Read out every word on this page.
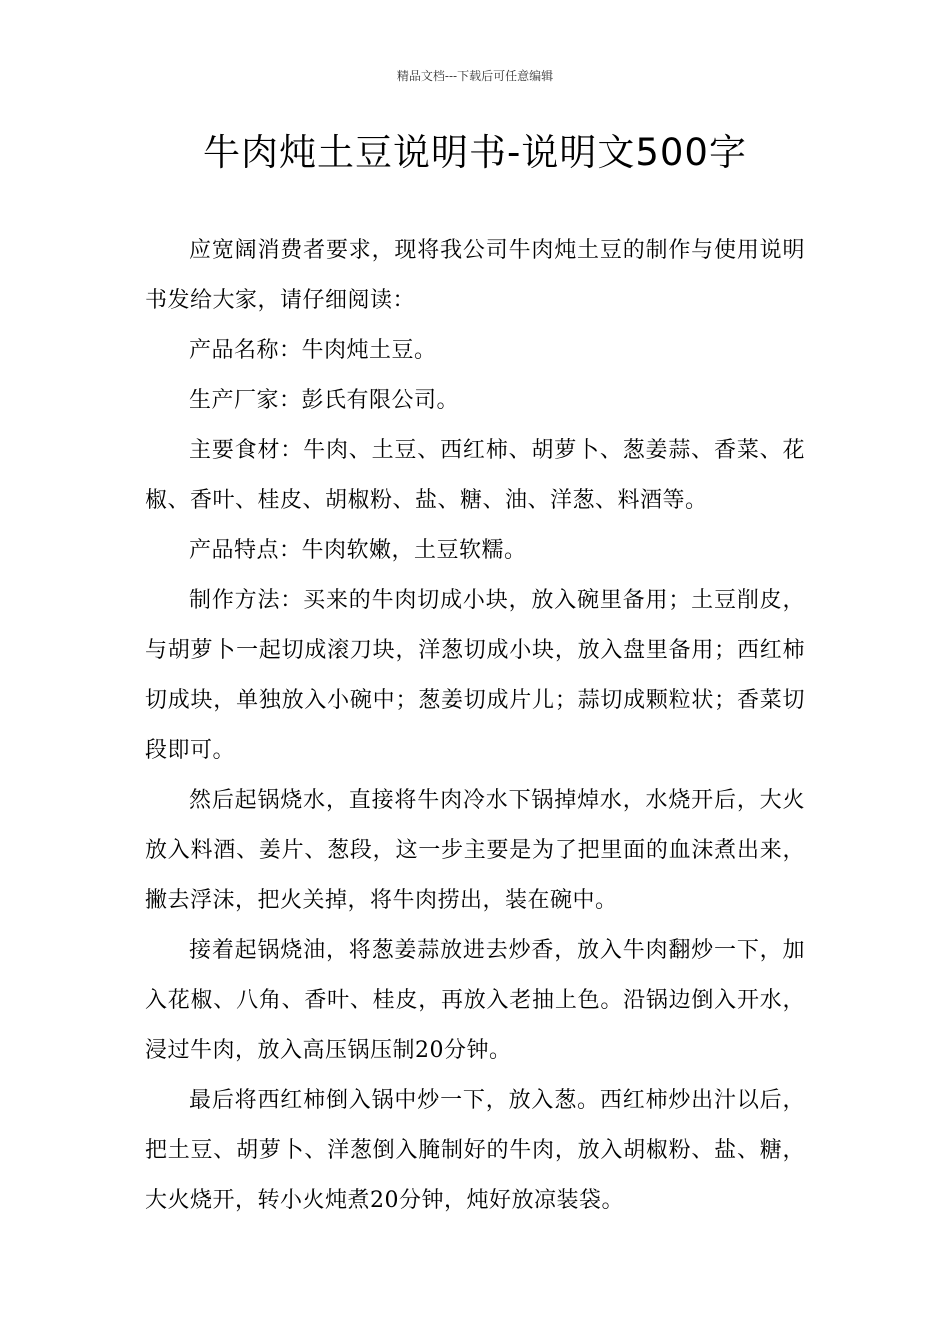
精品文档---下载后可任意编辑
牛肉炖土豆说明书-说明文500字

应宽阔消费者要求，现将我公司牛肉炖土豆的制作与使用说明书发给大家，请仔细阅读：

产品名称：牛肉炖土豆。

生产厂家：彭氏有限公司。

主要食材：牛肉、土豆、西红柿、胡萝卜、葱姜蒜、香菜、花椒、香叶、桂皮、胡椒粉、盐、糖、油、洋葱、料酒等。

产品特点：牛肉软嫩，土豆软糯。

制作方法：买来的牛肉切成小块，放入碗里备用；土豆削皮，与胡萝卜一起切成滚刀块，洋葱切成小块，放入盘里备用；西红柿切成块，单独放入小碗中；葱姜切成片儿；蒜切成颗粒状；香菜切段即可。

然后起锅烧水，直接将牛肉冷水下锅掉焯水，水烧开后，大火放入料酒、姜片、葱段，这一步主要是为了把里面的血沫煮出来，撇去浮沫，把火关掉，将牛肉捞出，装在碗中。

接着起锅烧油，将葱姜蒜放进去炒香，放入牛肉翻炒一下，加入花椒、八角、香叶、桂皮，再放入老抽上色。沿锅边倒入开水，浸过牛肉，放入高压锅压制20分钟。

最后将西红柿倒入锅中炒一下，放入葱。西红柿炒出汁以后，把土豆、胡萝卜、洋葱倒入腌制好的牛肉，放入胡椒粉、盐、糖，大火烧开，转小火炖煮20分钟，炖好放凉装袋。
